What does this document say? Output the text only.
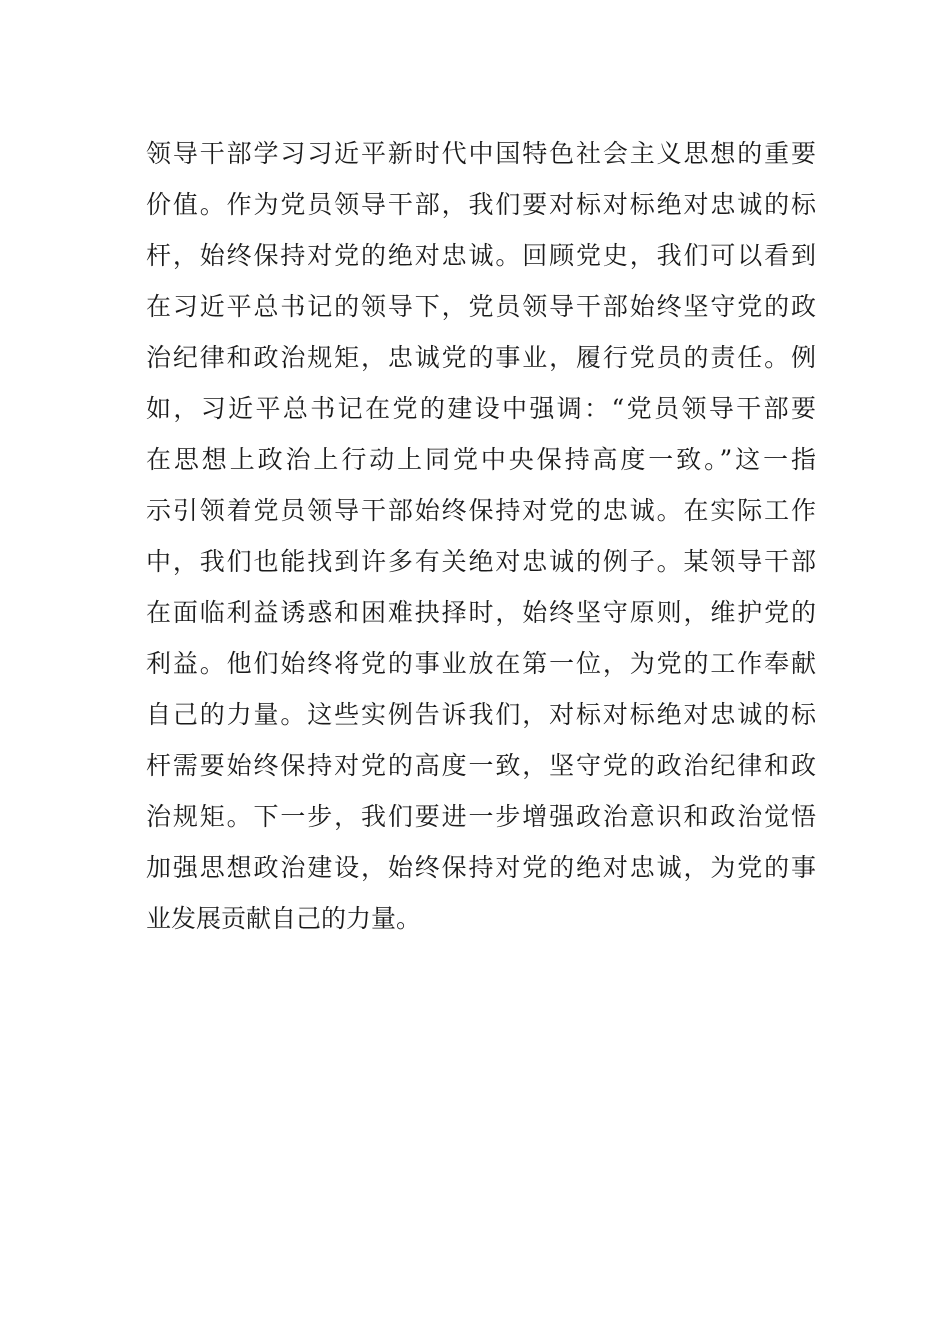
领导干部学习习近平新时代中国特色社会主义思想的重要
价值。作为党员领导干部，我们要对标对标绝对忠诚的标
杆，始终保持对党的绝对忠诚。回顾党史，我们可以看到
在习近平总书记的领导下，党员领导干部始终坚守党的政
治纪律和政治规矩，忠诚党的事业，履行党员的责任。例
如，习近平总书记在党的建设中强调：“党员领导干部要
在思想上政治上行动上同党中央保持高度一致。”这一指
示引领着党员领导干部始终保持对党的忠诚。在实际工作
中，我们也能找到许多有关绝对忠诚的例子。某领导干部
在面临利益诱惑和困难抉择时，始终坚守原则，维护党的
利益。他们始终将党的事业放在第一位，为党的工作奉献
自己的力量。这些实例告诉我们，对标对标绝对忠诚的标
杆需要始终保持对党的高度一致，坚守党的政治纪律和政
治规矩。下一步，我们要进一步增强政治意识和政治觉悟
加强思想政治建设，始终保持对党的绝对忠诚，为党的事
业发展贡献自己的力量。
